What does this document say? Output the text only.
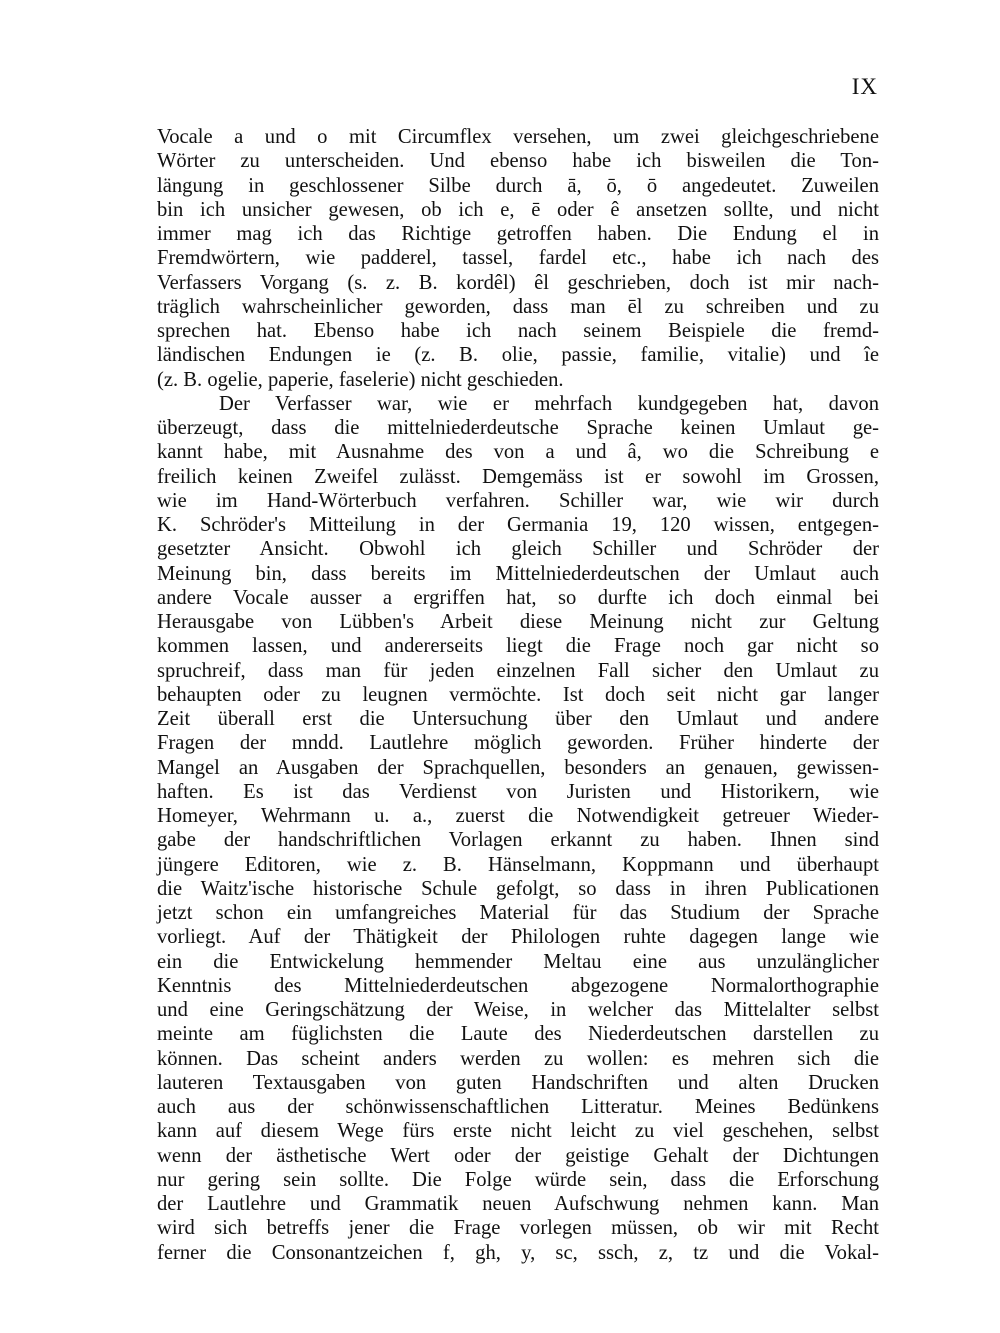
IX
Vocale a und o mit Circumflex versehen, um zwei gleichgeschriebene
Wörter zu unterscheiden. Und ebenso habe ich bisweilen die Ton-
längung in geschlossener Silbe durch ā, ō, ō angedeutet. Zuweilen
bin ich unsicher gewesen, ob ich e, ē oder ê ansetzen sollte, und nicht
immer mag ich das Richtige getroffen haben. Die Endung el in
Fremdwörtern, wie padderel, tassel, fardel etc., habe ich nach des
Verfassers Vorgang (s. z. B. kordêl) êl geschrieben, doch ist mir nach-
träglich wahrscheinlicher geworden, dass man ēl zu schreiben und zu
sprechen hat. Ebenso habe ich nach seinem Beispiele die fremd-
ländischen Endungen ie (z. B. olie, passie, familie, vitalie) und îe
(z. B. ogelie, paperie, faselerie) nicht geschieden.
Der Verfasser war, wie er mehrfach kundgegeben hat, davon
überzeugt, dass die mittelniederdeutsche Sprache keinen Umlaut ge-
kannt habe, mit Ausnahme des von a und â, wo die Schreibung e
freilich keinen Zweifel zulässt. Demgemäss ist er sowohl im Grossen,
wie im Hand-Wörterbuch verfahren. Schiller war, wie wir durch
K. Schröder's Mitteilung in der Germania 19, 120 wissen, entgegen-
gesetzter Ansicht. Obwohl ich gleich Schiller und Schröder der
Meinung bin, dass bereits im Mittelniederdeutschen der Umlaut auch
andere Vocale ausser a ergriffen hat, so durfte ich doch einmal bei
Herausgabe von Lübben's Arbeit diese Meinung nicht zur Geltung
kommen lassen, und andererseits liegt die Frage noch gar nicht so
spruchreif, dass man für jeden einzelnen Fall sicher den Umlaut zu
behaupten oder zu leugnen vermöchte. Ist doch seit nicht gar langer
Zeit überall erst die Untersuchung über den Umlaut und andere
Fragen der mndd. Lautlehre möglich geworden. Früher hinderte der
Mangel an Ausgaben der Sprachquellen, besonders an genauen, gewissen-
haften. Es ist das Verdienst von Juristen und Historikern, wie
Homeyer, Wehrmann u. a., zuerst die Notwendigkeit getreuer Wieder-
gabe der handschriftlichen Vorlagen erkannt zu haben. Ihnen sind
jüngere Editoren, wie z. B. Hänselmann, Koppmann und überhaupt
die Waitz'ische historische Schule gefolgt, so dass in ihren Publicationen
jetzt schon ein umfangreiches Material für das Studium der Sprache
vorliegt. Auf der Thätigkeit der Philologen ruhte dagegen lange wie
ein die Entwickelung hemmender Meltau eine aus unzulänglicher
Kenntnis des Mittelniederdeutschen abgezogene Normalorthographie
und eine Geringschätzung der Weise, in welcher das Mittelalter selbst
meinte am füglichsten die Laute des Niederdeutschen darstellen zu
können. Das scheint anders werden zu wollen: es mehren sich die
lauteren Textausgaben von guten Handschriften und alten Drucken
auch aus der schönwissenschaftlichen Litteratur. Meines Bedünkens
kann auf diesem Wege fürs erste nicht leicht zu viel geschehen, selbst
wenn der ästhetische Wert oder der geistige Gehalt der Dichtungen
nur gering sein sollte. Die Folge würde sein, dass die Erforschung
der Lautlehre und Grammatik neuen Aufschwung nehmen kann. Man
wird sich betreffs jener die Frage vorlegen müssen, ob wir mit Recht
ferner die Consonantzeichen f, gh, y, sc, ssch, z, tz und die Vokal-
